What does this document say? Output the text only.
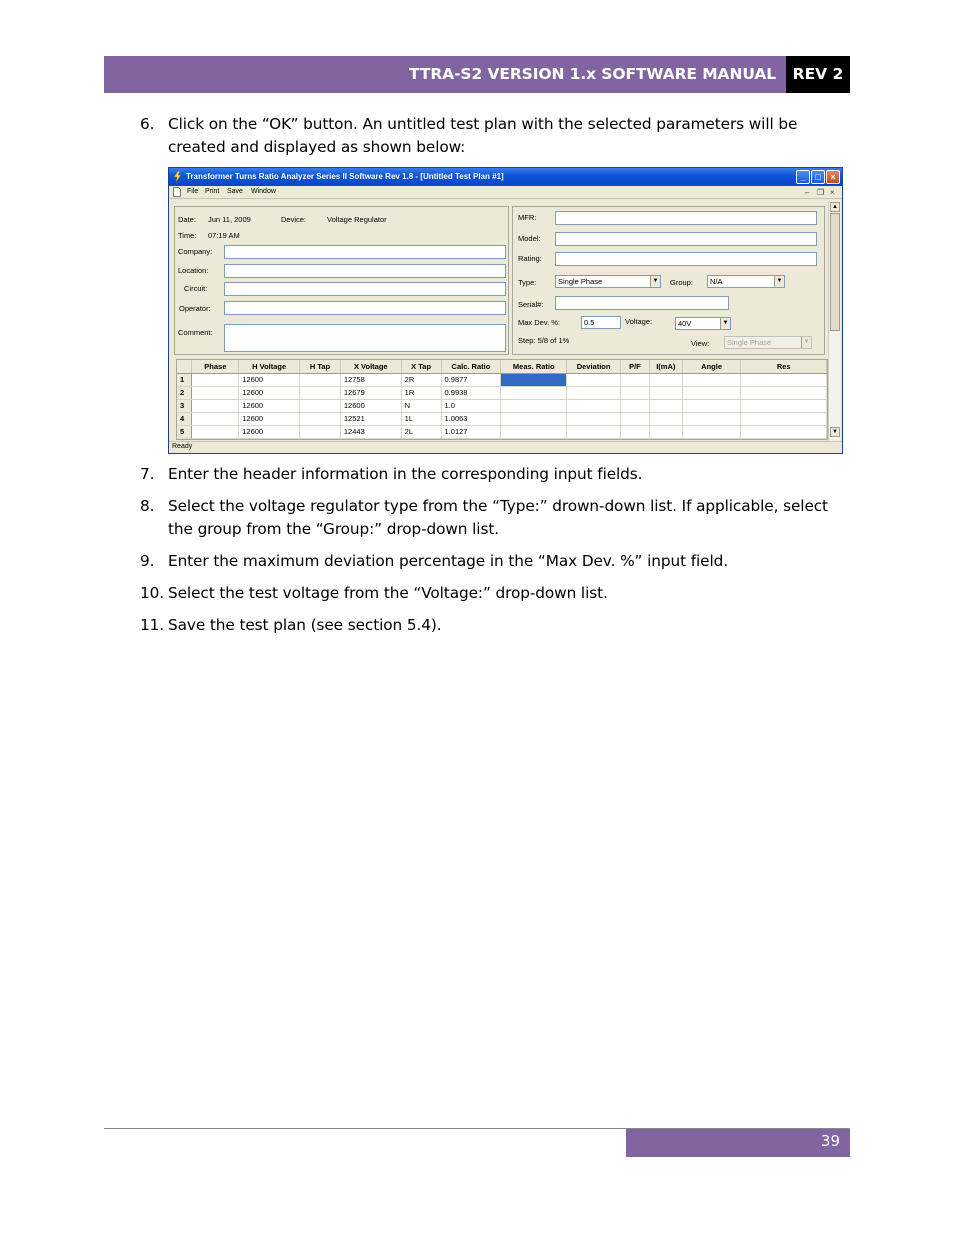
TTRA-S2 VERSION 1.x SOFTWARE MANUAL	REV 2
6. Click on the “OK” button. An untitled test plan with the selected parameters will be created and displayed as shown below:
Transformer Turns Ratio Analyzer Series II Software Rev 1.8 - [Untitled Test Plan #1]	_	□	×
File Print Save Window	– ❐ ×
Date: Jun 11, 2009	Device:	Voltage Regulator
Time: 07:19 AM
Company:
Location:
Circuit:
Operator:
Comment:
MFR:
Model:
Rating:
Type:	Single Phase	▼ Group:	N/A	▼
Serial#:
Max Dev. %:	0.5	Voltage:	40V	▼
Step: 5/8 of 1%	View:	Single Phase	▼
	Phase	H Voltage	H Tap	X Voltage	X Tap	Calc. Ratio	Meas. Ratio	Deviation	P/F	I(mA)	Angle	Res
1		12600		12758	2R	0.9877						
2		12600		12679	1R	0.9938						
3		12600		12600	N	1.0						
4		12600		12521	1L	1.0063						
5		12600		12443	2L	1.0127						
▲
▼
Ready
7. Enter the header information in the corresponding input fields.
8. Select the voltage regulator type from the “Type:” drown-down list. If applicable, select the group from the “Group:” drop-down list.
9. Enter the maximum deviation percentage in the “Max Dev. %” input field.
10. Select the test voltage from the “Voltage:” drop-down list.
11. Save the test plan (see section 5.4).
39
